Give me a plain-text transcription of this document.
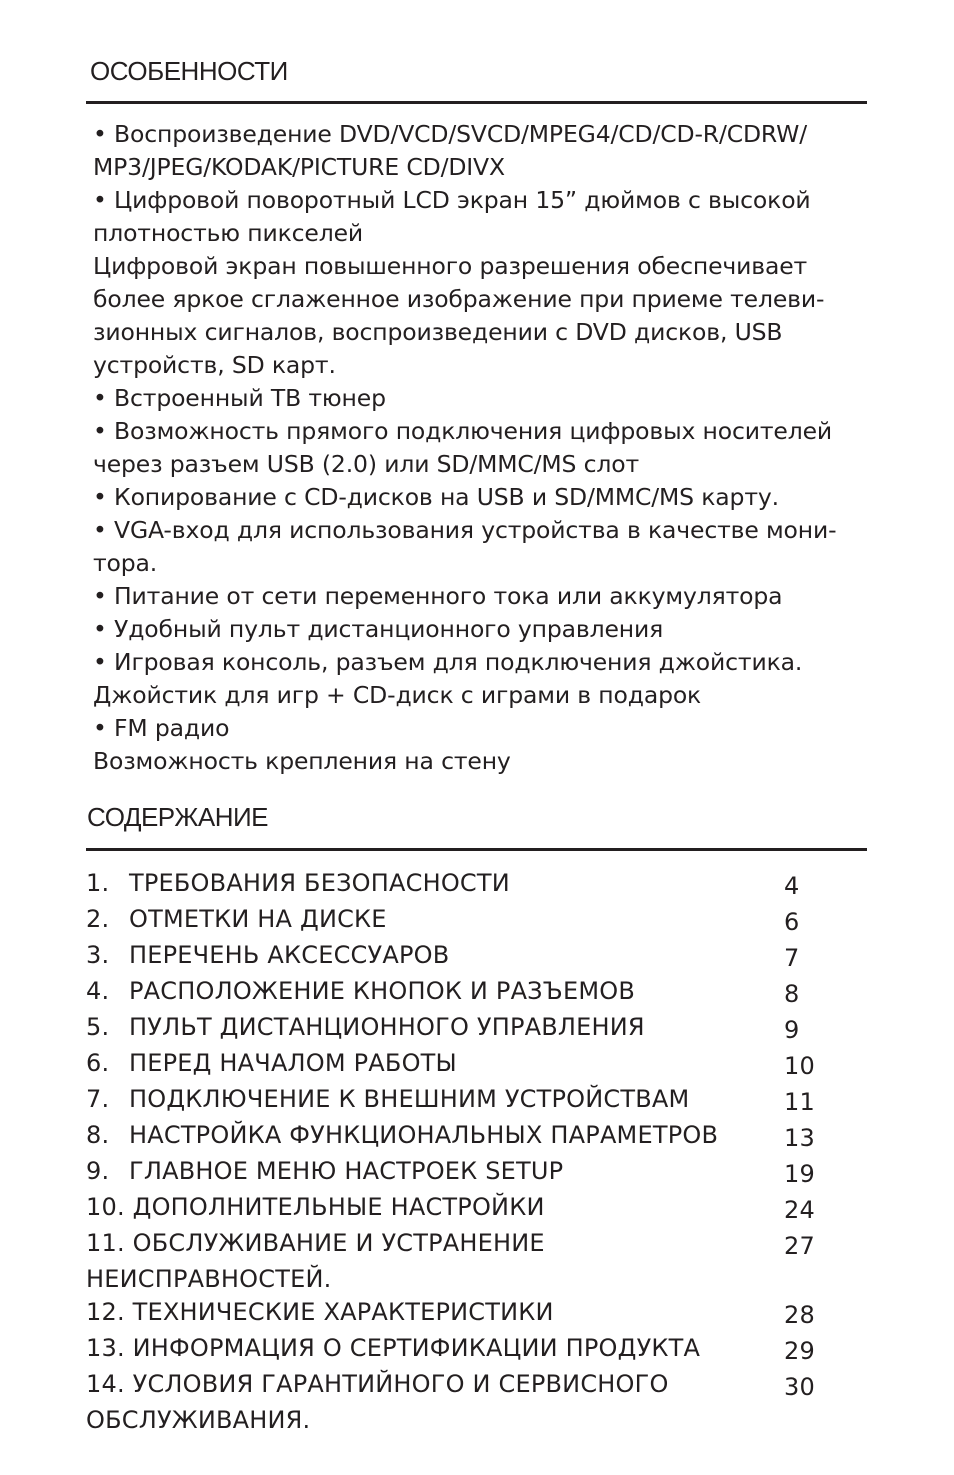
ОСОБЕННОСТИ
• Воспроизведение DVD/VCD/SVCD/MPEG4/CD/CD-R/CDRW/
MP3/JPEG/KODAK/PICTURE CD/DIVX
• Цифровой поворотный LCD экран 15” дюймов с высокой
плотностью пикселей
Цифровой экран повышенного разрешения обеспечивает
более яркое сглаженное изображение при приеме телеви-
зионных сигналов, воспроизведении с DVD дисков, USB
устройств, SD карт.
• Встроенный ТВ тюнер
• Возможность прямого подключения цифровых носителей
через разъем USB (2.0) или SD/MMC/MS слот
• Копирование с CD-дисков на USB и SD/MMC/MS карту.
• VGA-вход для использования устройства в качестве мони-
тора.
• Питание от сети переменного тока или аккумулятора
• Удобный пульт дистанционного управления
• Игровая консоль, разъем для подключения джойстика.
Джойстик для игр + CD-диск с играми в подарок
• FM радио
Возможность крепления на стену
СОДЕРЖАНИЕ
1. ТРЕБОВАНИЯ БЕЗОПАСНОСТИ	4
2. ОТМЕТКИ НА ДИСКЕ	6
3. ПЕРЕЧЕНЬ АКСЕССУАРОВ	7
4. РАСПОЛОЖЕНИЕ КНОПОК И РАЗЪЕМОВ	8
5. ПУЛЬТ ДИСТАНЦИОННОГО УПРАВЛЕНИЯ	9
6. ПЕРЕД НАЧАЛОМ РАБОТЫ	10
7. ПОДКЛЮЧЕНИЕ К ВНЕШНИМ УСТРОЙСТВАМ	11
8. НАСТРОЙКА ФУНКЦИОНАЛЬНЫХ ПАРАМЕТРОВ	13
9. ГЛАВНОЕ МЕНЮ НАСТРОЕК SETUP	19
10. ДОПОЛНИТЕЛЬНЫЕ НАСТРОЙКИ	24
11. ОБСЛУЖИВАНИЕ И УСТРАНЕНИЕ	27
НЕИСПРАВНОСТЕЙ.
12. ТЕХНИЧЕСКИЕ ХАРАКТЕРИСТИКИ	28
13. ИНФОРМАЦИЯ О СЕРТИФИКАЦИИ ПРОДУКТА	29
14. УСЛОВИЯ ГАРАНТИЙНОГО И СЕРВИСНОГО	30
ОБСЛУЖИВАНИЯ.
